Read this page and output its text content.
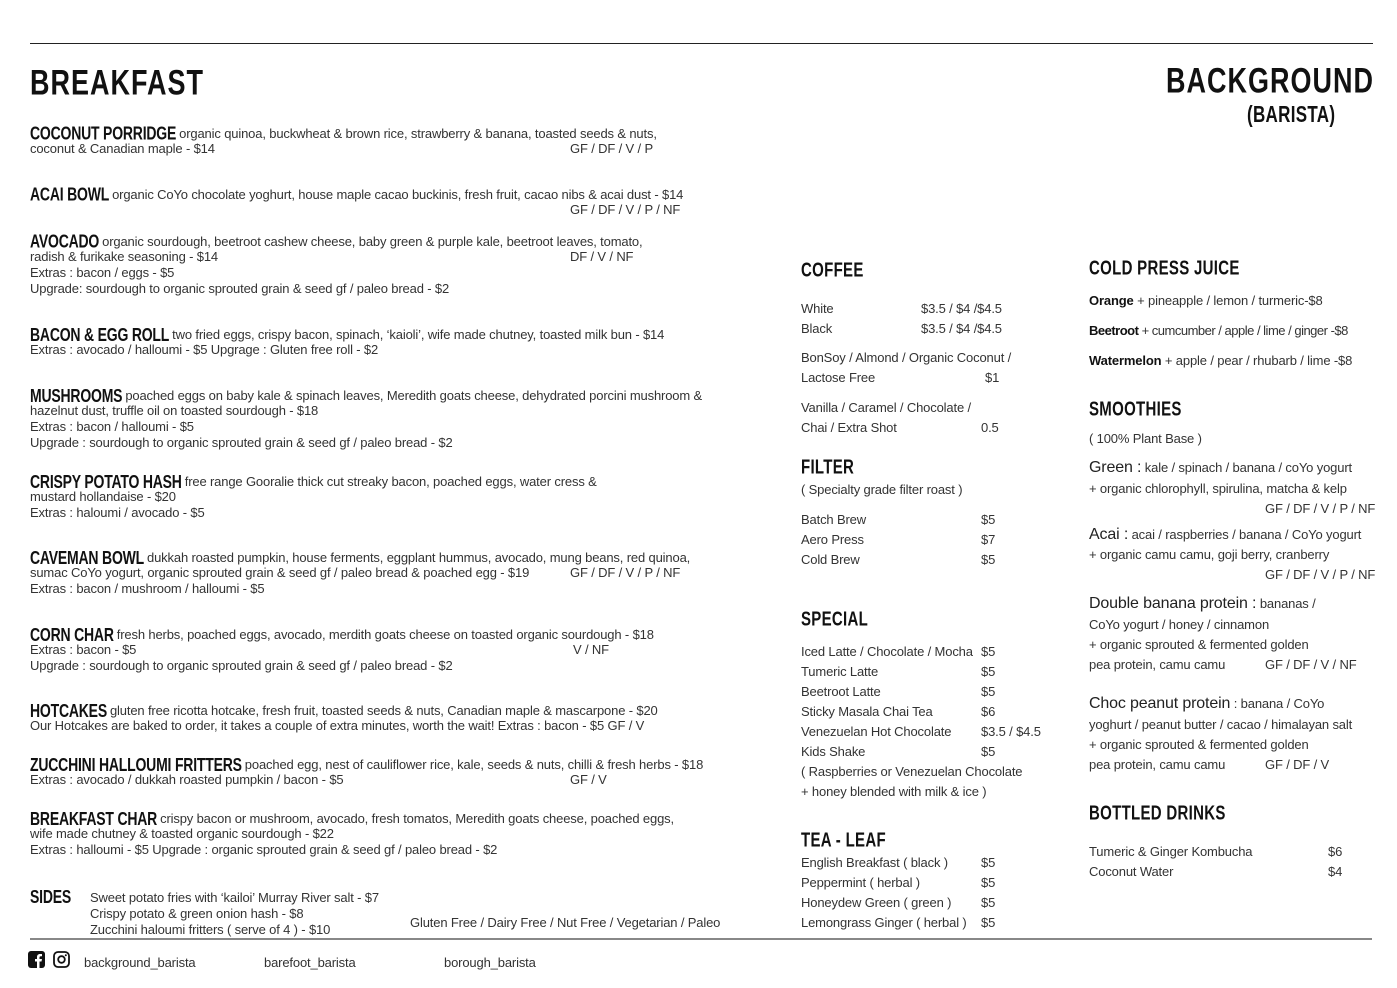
BREAKFAST	BACKGROUND
(BARISTA)
COCONUT PORRIDGE organic quinoa, buckwheat & brown rice, strawberry & banana, toasted seeds & nuts,
coconut & Canadian maple - $14	GF / DF / V / P
ACAI BOWL organic CoYo chocolate yoghurt, house maple cacao buckinis, fresh fruit, cacao nibs & acai dust - $14
GF / DF / V / P / NF
AVOCADO organic sourdough, beetroot cashew cheese, baby green & purple kale, beetroot leaves, tomato,
radish & furikake seasoning - $14
Extras : bacon / eggs - $5
Upgrade: sourdough to organic sprouted grain & seed gf / paleo bread - $2
DF / V / NF
BACON & EGG ROLL two fried eggs, crispy bacon, spinach, ‘kaioli’, wife made chutney, toasted milk bun - $14
Extras : avocado / halloumi - $5 Upgrage : Gluten free roll - $2
MUSHROOMS poached eggs on baby kale & spinach leaves, Meredith goats cheese, dehydrated porcini mushroom &
hazelnut dust, truffle oil on toasted sourdough - $18
Extras : bacon / halloumi - $5
Upgrade : sourdough to organic sprouted grain & seed gf / paleo bread - $2
CRISPY POTATO HASH free range Gooralie thick cut streaky bacon, poached eggs, water cress &
mustard hollandaise - $20
Extras : haloumi / avocado - $5
CAVEMAN BOWL dukkah roasted pumpkin, house ferments, eggplant hummus, avocado, mung beans, red quinoa,
sumac CoYo yogurt, organic sprouted grain & seed gf / paleo bread & poached egg - $19
Extras : bacon / mushroom / halloumi - $5
GF / DF / V / P / NF
CORN CHAR fresh herbs, poached eggs, avocado, merdith goats cheese on toasted organic sourdough - $18
Extras : bacon - $5
Upgrade : sourdough to organic sprouted grain & seed gf / paleo bread - $2
V / NF
HOTCAKES gluten free ricotta hotcake, fresh fruit, toasted seeds & nuts, Canadian maple & mascarpone - $20
Our Hotcakes are baked to order, it takes a couple of extra minutes, worth the wait! Extras : bacon - $5 GF / V
ZUCCHINI HALLOUMI FRITTERS poached egg, nest of cauliflower rice, kale, seeds & nuts, chilli & fresh herbs - $18
Extras : avocado / dukkah roasted pumpkin / bacon - $5	GF / V
BREAKFAST CHAR crispy bacon or mushroom, avocado, fresh tomatos, Meredith goats cheese, poached eggs,
wife made chutney & toasted organic sourdough - $22
Extras : halloumi - $5 Upgrade : organic sprouted grain & seed gf / paleo bread - $2
SIDES Sweet potato fries with ‘kailoi’ Murray River salt - $7
Crispy potato & green onion hash - $8
Zucchini haloumi fritters ( serve of 4 ) - $10	Gluten Free / Dairy Free / Nut Free / Vegetarian / Paleo
background_barista	barefoot_barista	borough_barista
COFFEE
White	$3.5 / $4 /$4.5
Black	$3.5 / $4 /$4.5
BonSoy / Almond / Organic Coconut /
Lactose Free	$1
Vanilla / Caramel / Chocolate /
Chai / Extra Shot	0.5
FILTER
( Specialty grade filter roast )
Batch Brew	$5
Aero Press	$7
Cold Brew	$5
SPECIAL
Iced Latte / Chocolate / Mocha $5
Tumeric Latte	$5
Beetroot Latte	$5
Sticky Masala Chai Tea	$6
Venezuelan Hot Chocolate $3.5 / $4.5
Kids Shake	$5
( Raspberries or Venezuelan Chocolate
+ honey blended with milk & ice )
TEA - LEAF
English Breakfast ( black )	$5
Peppermint ( herbal )	$5
Honeydew Green ( green ) $5
Lemongrass Ginger ( herbal ) $5
COLD PRESS JUICE
Orange + pineapple / lemon / turmeric-$8
Beetroot + cumcumber / apple / lime / ginger -$8
Watermelon + apple / pear / rhubarb / lime -$8
SMOOTHIES
( 100% Plant Base )
Green : kale / spinach / banana / coYo yogurt
+ organic chlorophyll, spirulina, matcha & kelp
GF / DF / V / P / NF
Acai : acai / raspberries / banana / CoYo yogurt
+ organic camu camu, goji berry, cranberry
GF / DF / V / P / NF
Double banana protein : bananas /
CoYo yogurt / honey / cinnamon
+ organic sprouted & fermented golden
pea protein, camu camu	GF / DF / V / NF
Choc peanut protein : banana / CoYo
yoghurt / peanut butter / cacao / himalayan salt
+ organic sprouted & fermented golden
pea protein, camu camu	GF / DF / V
BOTTLED DRINKS
Tumeric & Ginger Kombucha	$6
Coconut Water	$4
